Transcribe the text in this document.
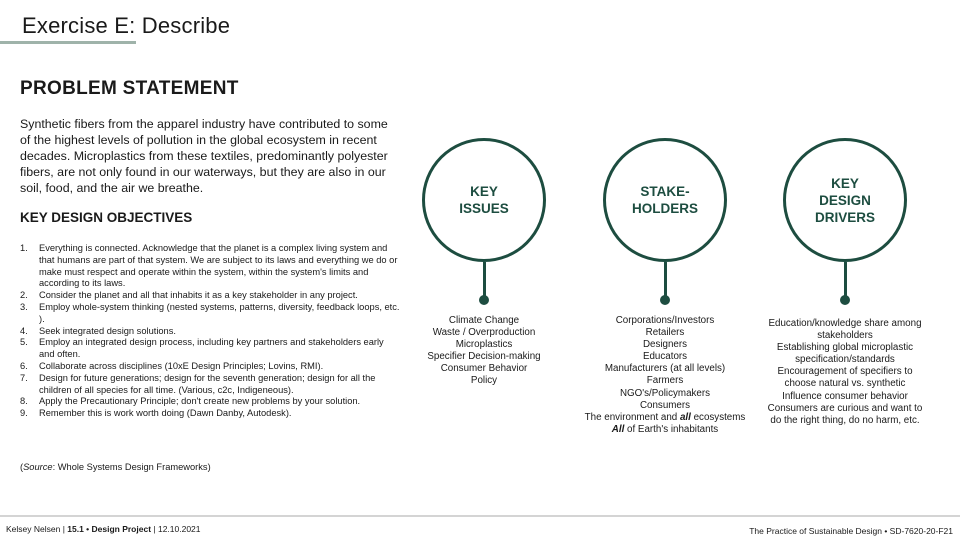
Exercise E: Describe
PROBLEM STATEMENT
Synthetic fibers from the apparel industry have contributed to some of the highest levels of pollution in the global ecosystem in recent decades. Microplastics from these textiles, predominantly polyester fibers, are not only found in our waterways, but they are also in our soil, food, and the air we breathe.
KEY DESIGN OBJECTIVES
1. Everything is connected. Acknowledge that the planet is a complex living system and that humans are part of that system. We are subject to its laws and everything we do or make must respect and operate within the system, within the system's limits and according to its laws.
2. Consider the planet and all that inhabits it as a key stakeholder in any project.
3. Employ whole-system thinking (nested systems, patterns, diversity, feedback loops, etc. ).
4. Seek integrated design solutions.
5. Employ an integrated design process, including key partners and stakeholders early and often.
6. Collaborate across disciplines (10xE Design Principles; Lovins, RMI).
7. Design for future generations; design for the seventh generation; design for all the children of all species for all time. (Various, c2c, Indigeneous).
8. Apply the Precautionary Principle; don't create new problems by your solution.
9. Remember this is work worth doing (Dawn Danby, Autodesk).
(Source: Whole Systems Design Frameworks)
KEY
ISSUES
Climate Change
Waste / Overproduction
Microplastics
Specifier Decision-making
Consumer Behavior
Policy
STAKE-
HOLDERS
Corporations/Investors
Retailers
Designers
Educators
Manufacturers (at all levels)
Farmers
NGO's/Policymakers
Consumers
The environment and all ecosystems
All of Earth's inhabitants
KEY
DESIGN
DRIVERS
Education/knowledge share among
stakeholders
Establishing global microplastic
specification/standards
Encouragement of specifiers to
choose natural vs. synthetic
Influence consumer behavior
Consumers are curious and want to
do the right thing, do no harm, etc.
Kelsey Nelsen | 15.1 • Design Project | 12.10.2021	The Practice of Sustainable Design • SD-7620-20-F21
